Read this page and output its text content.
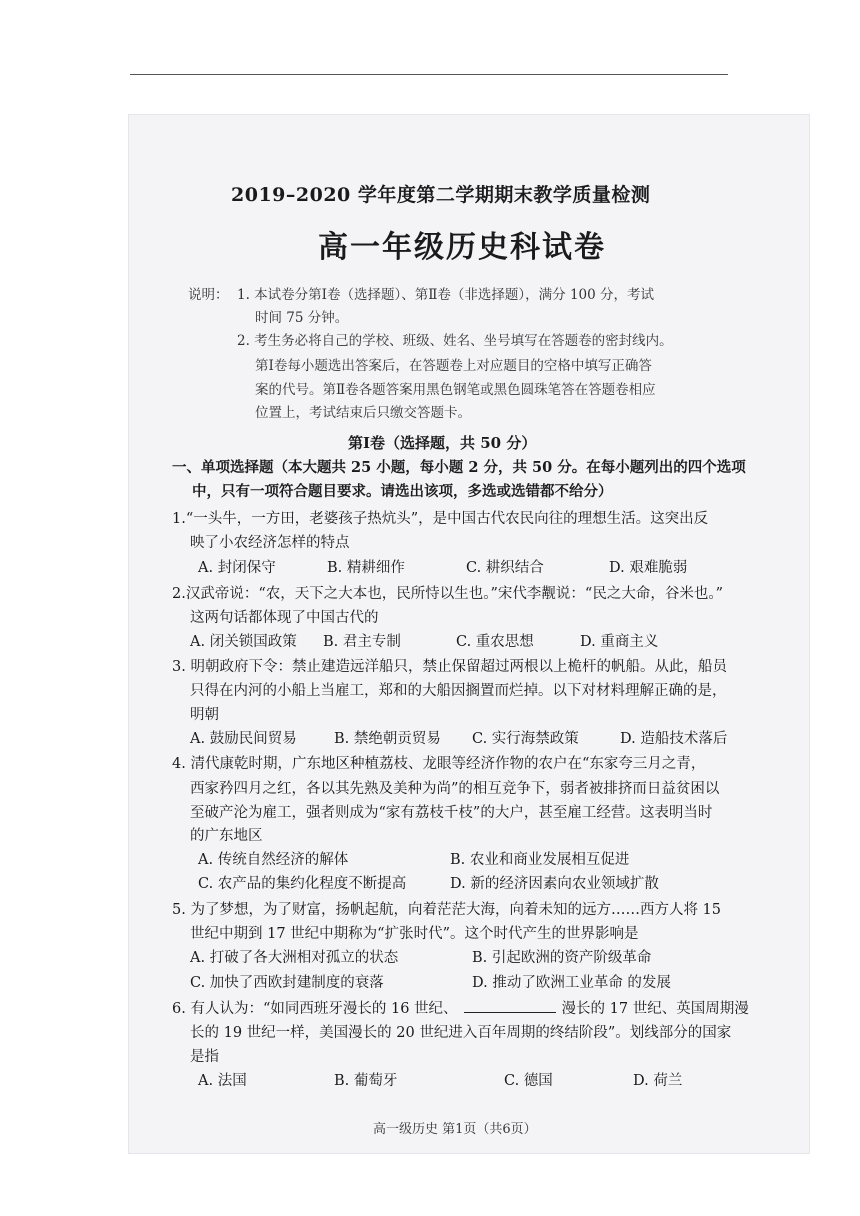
2019–2020 学年度第二学期期末教学质量检测
高一年级历史科试卷
说明： 1. 本试卷分第Ⅰ卷（选择题）、第Ⅱ卷（非选择题），满分 100 分，考试
时间 75 分钟。
2. 考生务必将自己的学校、班级、姓名、坐号填写在答题卷的密封线内。
第Ⅰ卷每小题选出答案后，在答题卷上对应题目的空格中填写正确答
案的代号。第Ⅱ卷各题答案用黑色钢笔或黑色圆珠笔答在答题卷相应
位置上，考试结束后只缴交答题卡。
第Ⅰ卷（选择题，共 50 分）
一、单项选择题（本大题共 25 小题，每小题 2 分，共 50 分。在每小题列出的四个选项
中，只有一项符合题目要求。请选出该项，多选或选错都不给分）
1.“一头牛，一方田，老婆孩子热炕头”，是中国古代农民向往的理想生活。这突出反
映了小农经济怎样的特点
A. 封闭保守	B. 精耕细作	C. 耕织结合	D. 艰难脆弱
2.汉武帝说：“农，天下之大本也，民所恃以生也。”宋代李觏说：“民之大命，谷米也。”
这两句话都体现了中国古代的
A. 闭关锁国政策 B. 君主专制	C. 重农思想	D. 重商主义
3. 明朝政府下令：禁止建造远洋船只，禁止保留超过两根以上桅杆的帆船。从此，船员
只得在内河的小船上当雇工，郑和的大船因搁置而烂掉。以下对材料理解正确的是，
明朝
A. 鼓励民间贸易	B. 禁绝朝贡贸易 C. 实行海禁政策	D. 造船技术落后
4. 清代康乾时期，广东地区种植荔枝、龙眼等经济作物的农户在“东家夸三月之青，
西家矜四月之红，各以其先熟及美种为尚”的相互竞争下，弱者被排挤而日益贫困以
至破产沦为雇工，强者则成为“家有荔枝千枝”的大户，甚至雇工经营。这表明当时
的广东地区
A. 传统自然经济的解体	B. 农业和商业发展相互促进
C. 农产品的集约化程度不断提高	D. 新的经济因素向农业领域扩散
5. 为了梦想，为了财富，扬帆起航，向着茫茫大海，向着未知的远方……西方人将 15
世纪中期到 17 世纪中期称为“扩张时代”。这个时代产生的世界影响是
A. 打破了各大洲相对孤立的状态	B. 引起欧洲的资产阶级革命
C. 加快了西欧封建制度的衰落	D. 推动了欧洲工业革命 的发展
6. 有人认为：“如同西班牙漫长的 16 世纪、	漫长的 17 世纪、英国周期漫
长的 19 世纪一样，美国漫长的 20 世纪进入百年周期的终结阶段”。划线部分的国家
是指
A. 法国	B. 葡萄牙	C. 德国	D. 荷兰
高一级历史 第1页（共6页）
